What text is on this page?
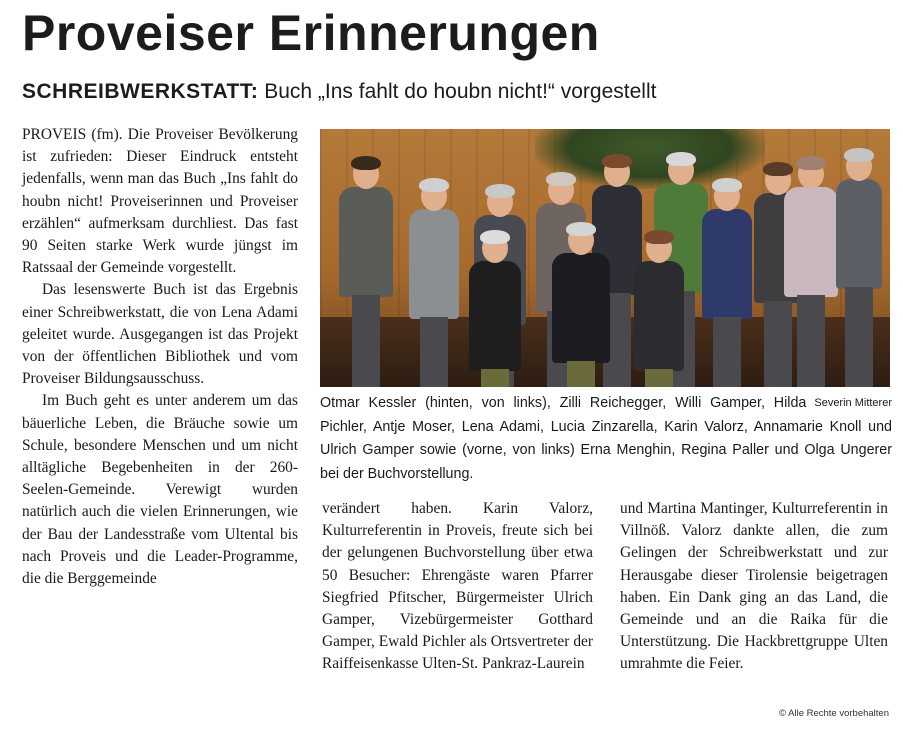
Proveiser Erinnerungen
SCHREIBWERKSTATT: Buch „Ins fahlt do houbn nicht!“ vorgestellt

PROVEIS (fm). Die Proveiser Bevölkerung ist zufrieden: Dieser Eindruck entsteht jedenfalls, wenn man das Buch „Ins fahlt do houbn nicht! Proveiserinnen und Proveiser erzählen“ aufmerksam durchliest. Das fast 90 Seiten starke Werk wurde jüngst im Ratssaal der Gemeinde vorgestellt.

Das lesenswerte Buch ist das Ergebnis einer Schreibwerkstatt, die von Lena Adami geleitet wurde. Ausgegangen ist das Projekt von der öffentlichen Bibliothek und vom Proveiser Bildungsausschuss.

Im Buch geht es unter anderem um das bäuerliche Leben, die Bräuche sowie um Schule, besondere Menschen und um nicht alltägliche Begebenheiten in der 260-Seelen-Gemeinde. Verewigt wurden natürlich auch die vielen Erinnerungen, wie der Bau der Landesstraße vom Ultental bis nach Proveis und die Leader-Programme, die die Berggemeinde

Severin Mitterer
Otmar Kessler (hinten, von links), Zilli Reichegger, Willi Gamper, Hilda Pichler, Antje Moser, Lena Adami, Lucia Zinzarella, Karin Valorz, Annamarie Knoll und Ulrich Gamper sowie (vorne, von links) Erna Menghin, Regina Paller und Olga Ungerer bei der Buchvorstellung.

verändert haben. Karin Valorz, Kulturreferentin in Proveis, freute sich bei der gelungenen Buchvorstellung über etwa 50 Besucher: Ehrengäste waren Pfarrer Siegfried Pfitscher, Bürgermeister Ulrich Gamper, Vizebürgermeister Gotthard Gamper, Ewald Pichler als Ortsvertreter der Raiffeisenkasse Ulten-St. Pankraz-Laurein

und Martina Mantinger, Kulturreferentin in Villnöß. Valorz dankte allen, die zum Gelingen der Schreibwerkstatt und zur Herausgabe dieser Tirolensie beigetragen haben. Ein Dank ging an das Land, die Gemeinde und an die Raika für die Unterstützung. Die Hackbrettgruppe Ulten umrahmte die Feier.

© Alle Rechte vorbehalten
